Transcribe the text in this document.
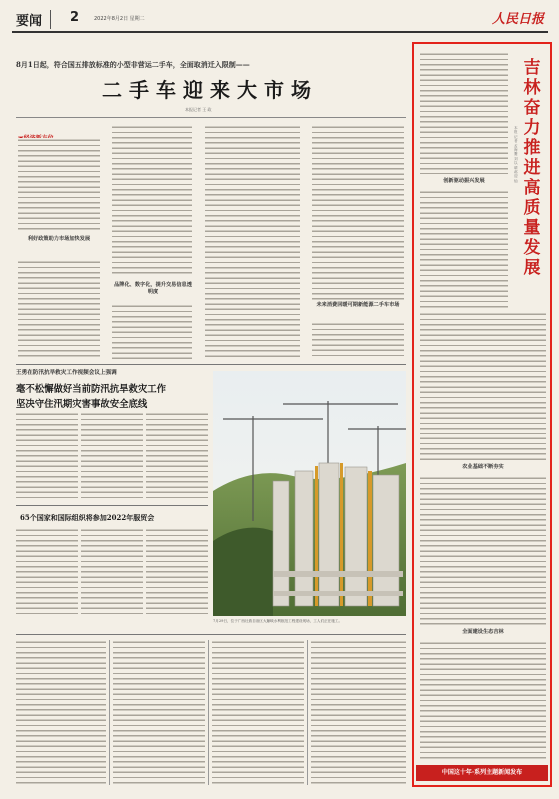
要闻 2	2022年8月2日 星期二	人民日报
8月1日起，符合国五排放标准的小型非营运二手车，全面取消迁入限制——
二手车迎来大市场
本报记者 王 政
利好政策助力市场加快发展
品牌化、数字化，提升交易信息透明度
未来消费回暖可期新能源二手车市场
王勇在防汛抗旱救灾工作视频会议上强调
毫不松懈做好当前防汛抗旱救灾工作
坚决守住汛期灾害事故安全底线
65个国家和国际组织将参加2022年服贸会
7月29日，位于广西壮族自治区大藤峡水利枢纽工程建设现场，工人们正在施工。
吉
林
奋
力
推
进
高
质
量
发
展
本报记者 孟海鹰 刘以晴 郝迎灿
创新驱动振兴发展
农业基础不断夯实
全面建设生态吉林
中国这十年·系列主题新闻发布
